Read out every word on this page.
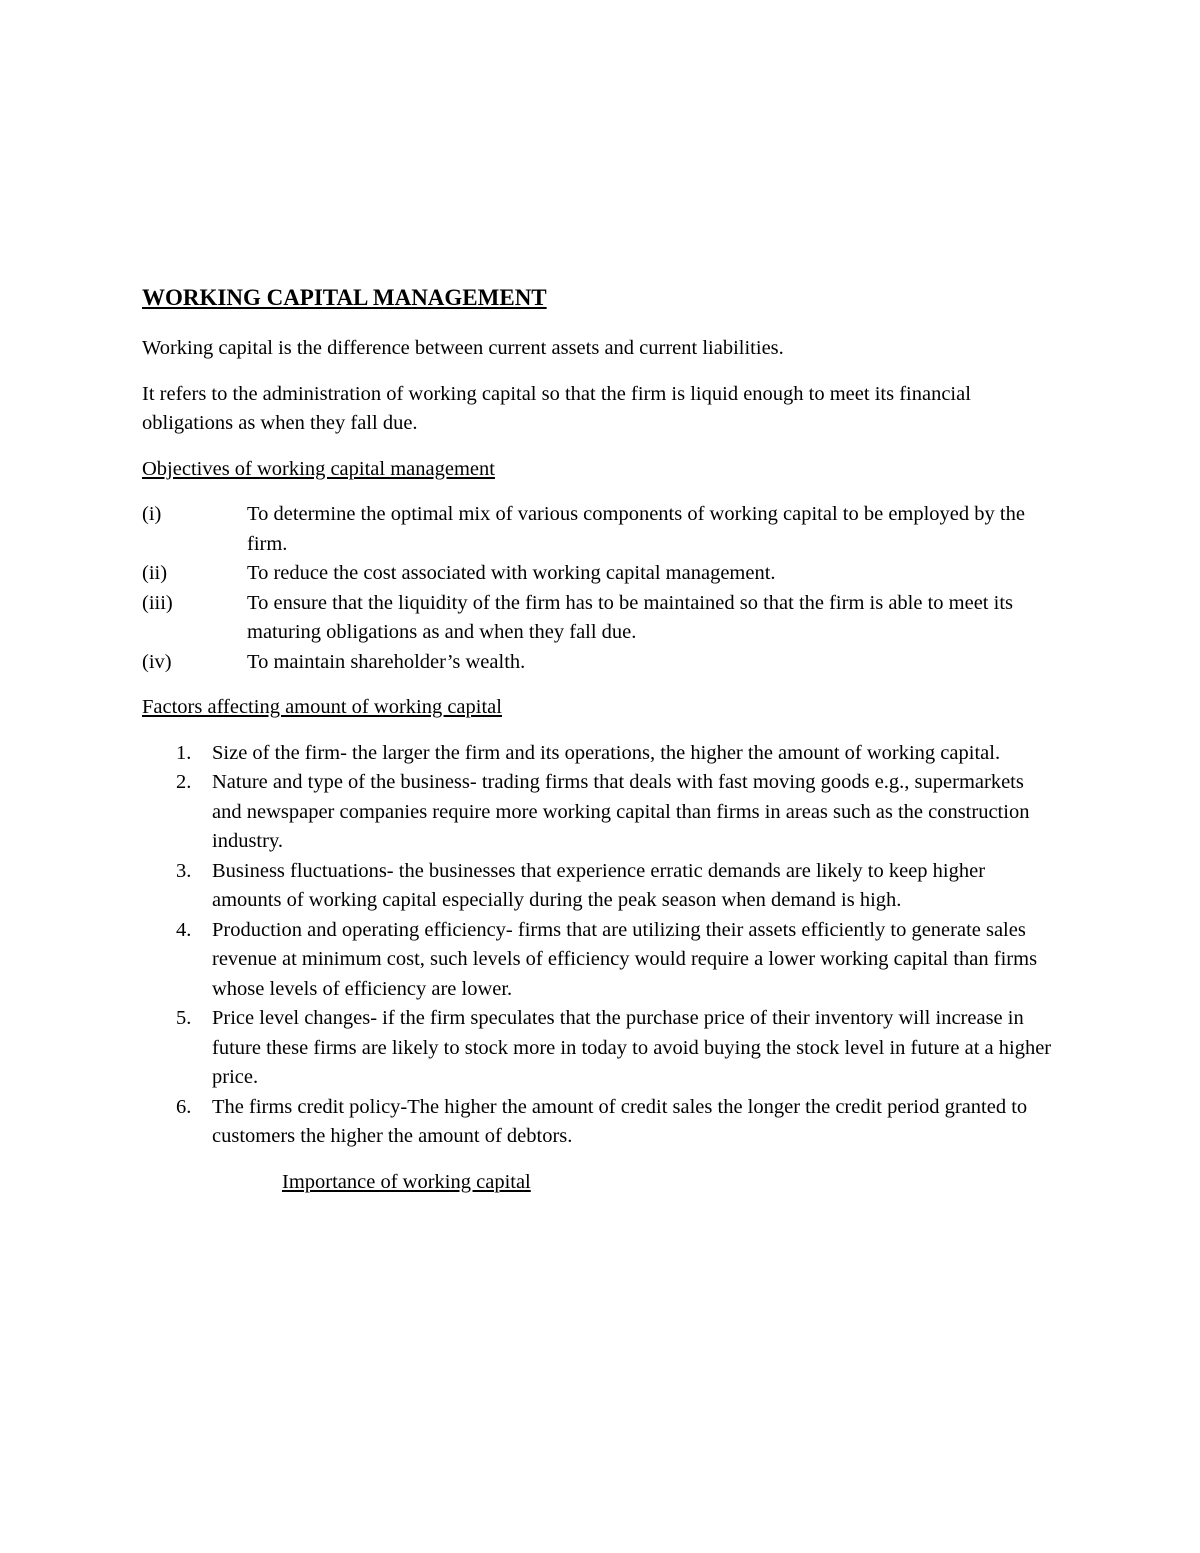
WORKING CAPITAL MANAGEMENT

Working capital is the difference between current assets and current liabilities.

It refers to the administration of working capital so that the firm is liquid enough to meet its financial obligations as when they fall due.

Objectives of working capital management
(i)	To determine the optimal mix of various components of working capital to be employed by the firm.
(ii)	To reduce the cost associated with working capital management.
(iii)	To ensure that the liquidity of the firm has to be maintained so that the firm is able to meet its maturing obligations as and when they fall due.
(iv)	To maintain shareholder’s wealth.
Factors affecting amount of working capital
1.	Size of the firm- the larger the firm and its operations, the higher the amount of working capital.
2.	Nature and type of the business- trading firms that deals with fast moving goods e.g., supermarkets and newspaper companies require more working capital than firms in areas such as the construction industry.
3.	Business fluctuations- the businesses that experience erratic demands are likely to keep higher amounts of working capital especially during the peak season when demand is high.
4.	Production and operating efficiency- firms that are utilizing their assets efficiently to generate sales revenue at minimum cost, such levels of efficiency would require a lower working capital than firms whose levels of efficiency are lower.
5.	Price level changes- if the firm speculates that the purchase price of their inventory will increase in future these firms are likely to stock more in today to avoid buying the stock level in future at a higher price.
6.	The firms credit policy-The higher the amount of credit sales the longer the credit period granted to customers the higher the amount of debtors.
Importance of working capital
